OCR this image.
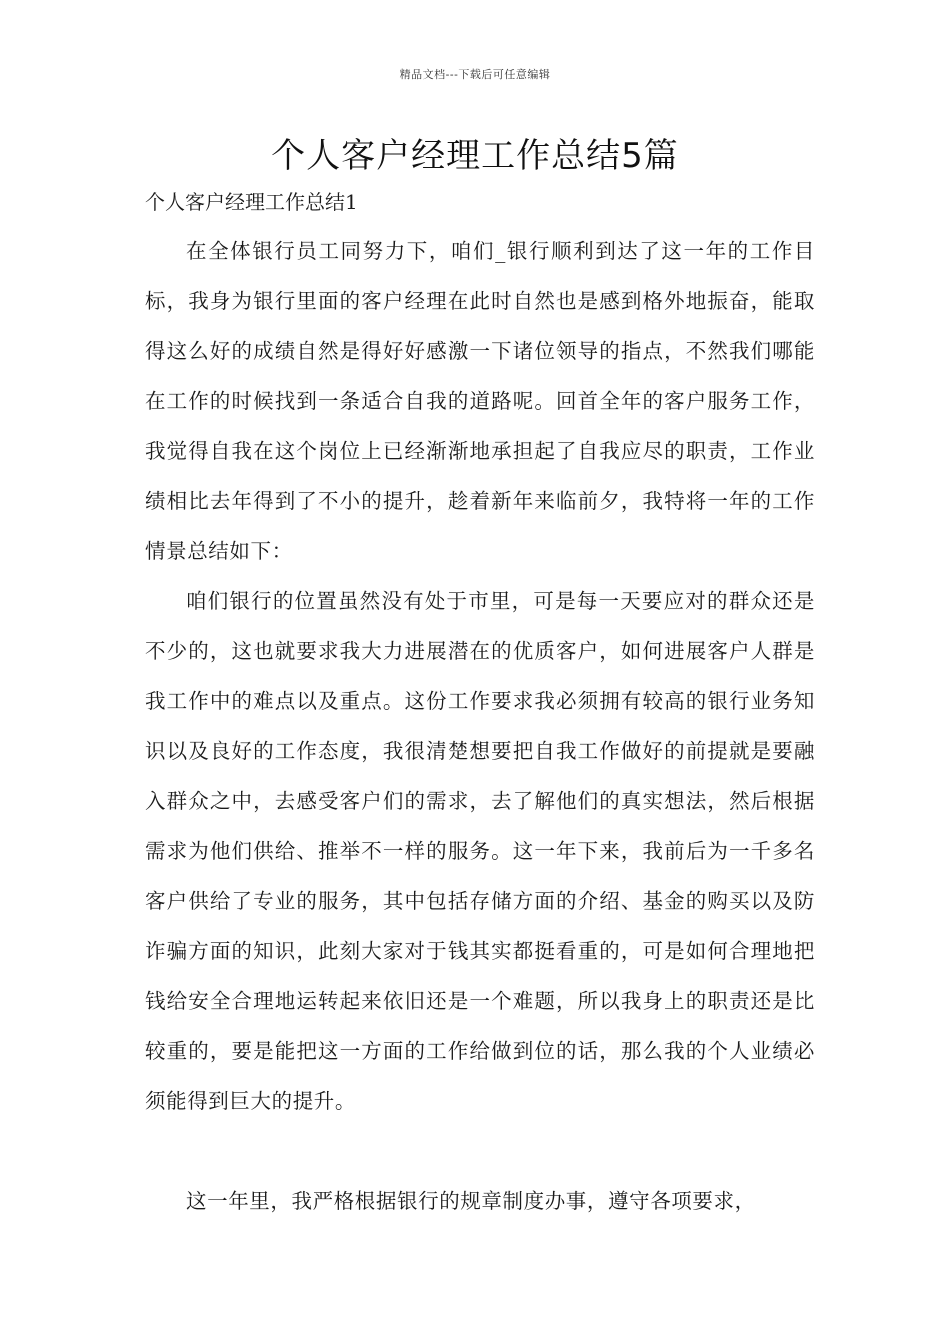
精品文档---下载后可任意编辑
个人客户经理工作总结5篇
个人客户经理工作总结1

在全体银行员工同努力下，咱们_银行顺利到达了这一年的工作目标，我身为银行里面的客户经理在此时自然也是感到格外地振奋，能取得这么好的成绩自然是得好好感激一下诸位领导的指点，不然我们哪能在工作的时候找到一条适合自我的道路呢。回首全年的客户服务工作，我觉得自我在这个岗位上已经渐渐地承担起了自我应尽的职责，工作业绩相比去年得到了不小的提升，趁着新年来临前夕，我特将一年的工作情景总结如下：

咱们银行的位置虽然没有处于市里，可是每一天要应对的群众还是不少的，这也就要求我大力进展潜在的优质客户，如何进展客户人群是我工作中的难点以及重点。这份工作要求我必须拥有较高的银行业务知识以及良好的工作态度，我很清楚想要把自我工作做好的前提就是要融入群众之中，去感受客户们的需求，去了解他们的真实想法，然后根据需求为他们供给、推举不一样的服务。这一年下来，我前后为一千多名客户供给了专业的服务，其中包括存储方面的介绍、基金的购买以及防诈骗方面的知识，此刻大家对于钱其实都挺看重的，可是如何合理地把钱给安全合理地运转起来依旧还是一个难题，所以我身上的职责还是比较重的，要是能把这一方面的工作给做到位的话，那么我的个人业绩必须能得到巨大的提升。

这一年里，我严格根据银行的规章制度办事，遵守各项要求，
